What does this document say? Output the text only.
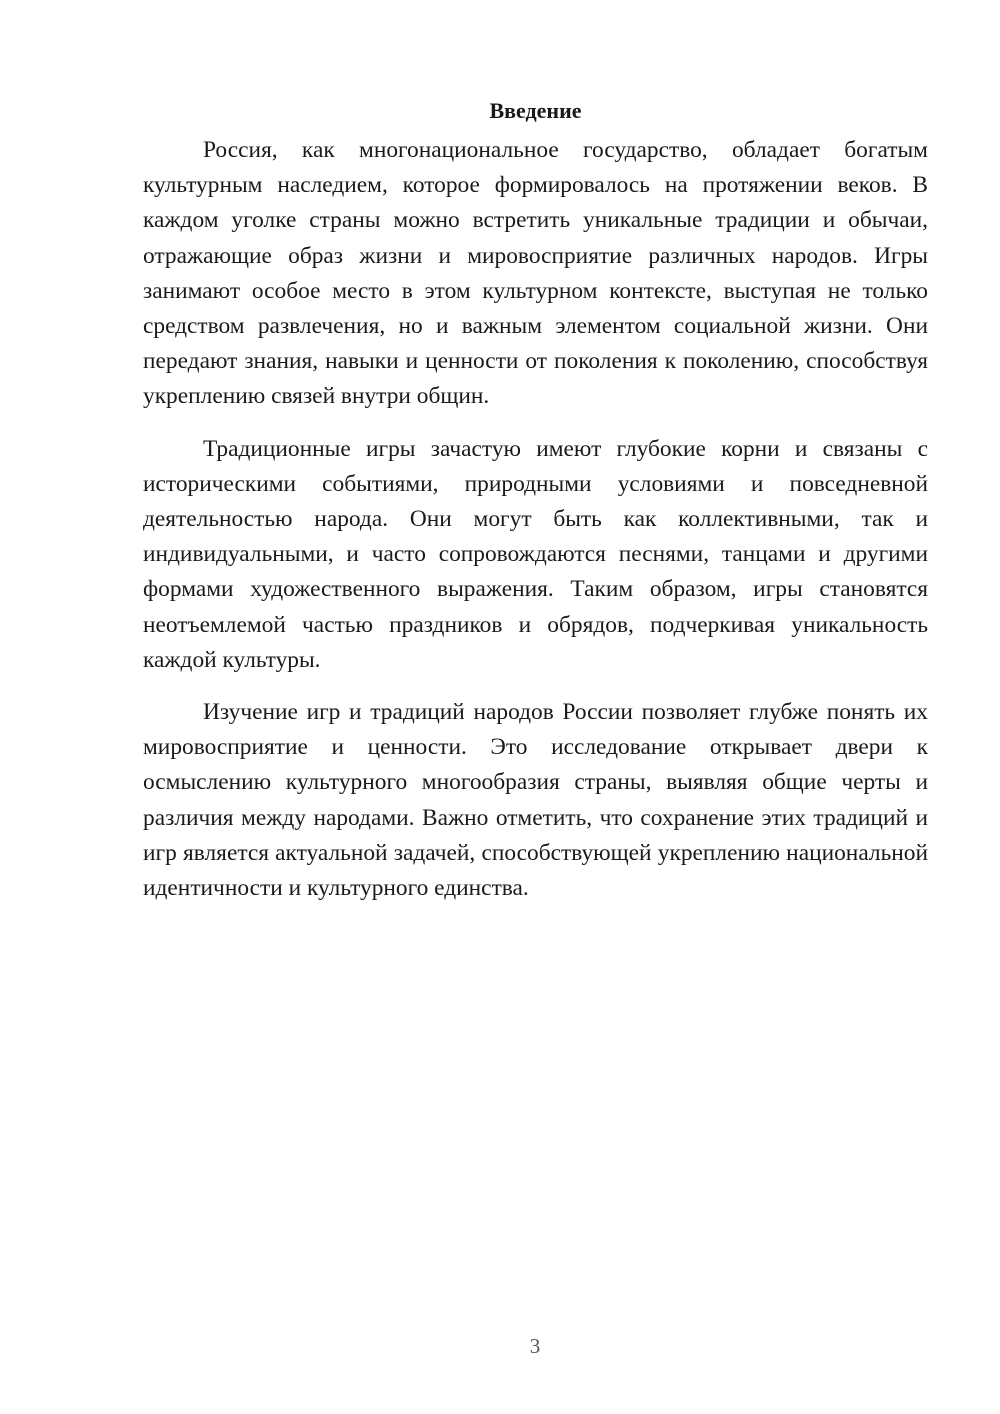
Введение

Россия, как многонациональное государство, обладает богатым культурным наследием, которое формировалось на протяжении веков. В каждом уголке страны можно встретить уникальные традиции и обычаи, отражающие образ жизни и мировосприятие различных народов. Игры занимают особое место в этом культурном контексте, выступая не только средством развлечения, но и важным элементом социальной жизни. Они передают знания, навыки и ценности от поколения к поколению, способствуя укреплению связей внутри общин.

Традиционные игры зачастую имеют глубокие корни и связаны с историческими событиями, природными условиями и повседневной деятельностью народа. Они могут быть как коллективными, так и индивидуальными, и часто сопровождаются песнями, танцами и другими формами художественного выражения. Таким образом, игры становятся неотъемлемой частью праздников и обрядов, подчеркивая уникальность каждой культуры.

Изучение игр и традиций народов России позволяет глубже понять их мировосприятие и ценности. Это исследование открывает двери к осмыслению культурного многообразия страны, выявляя общие черты и различия между народами. Важно отметить, что сохранение этих традиций и игр является актуальной задачей, способствующей укреплению национальной идентичности и культурного единства.

3
